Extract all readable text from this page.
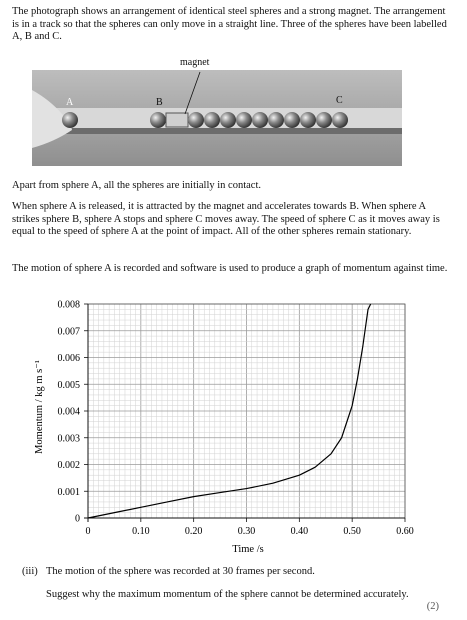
The photograph shows an arrangement of identical steel spheres and a strong magnet. The arrangement is in a track so that the spheres can only move in a straight line. Three of the spheres have been labelled A, B and C.

magnet
A	B	C

Apart from sphere A, all the spheres are initially in contact.

When sphere A is released, it is attracted by the magnet and accelerates towards B. When sphere A strikes sphere B, sphere A stops and sphere C moves away. The speed of sphere C as it moves away is equal to the speed of sphere A at the point of impact. All of the other spheres remain stationary.

The motion of sphere A is recorded and software is used to produce a graph of momentum against time.

0	0.10	0.20	0.30	0.40	0.50	0.60
0
0.001
0.002
0.003
0.004
0.005
0.006
0.007
0.008
Time /s
Momentum / kg m s⁻¹
(iii) The motion of the sphere was recorded at 30 frames per second.
Suggest why the maximum momentum of the sphere cannot be determined accurately.
(2)
